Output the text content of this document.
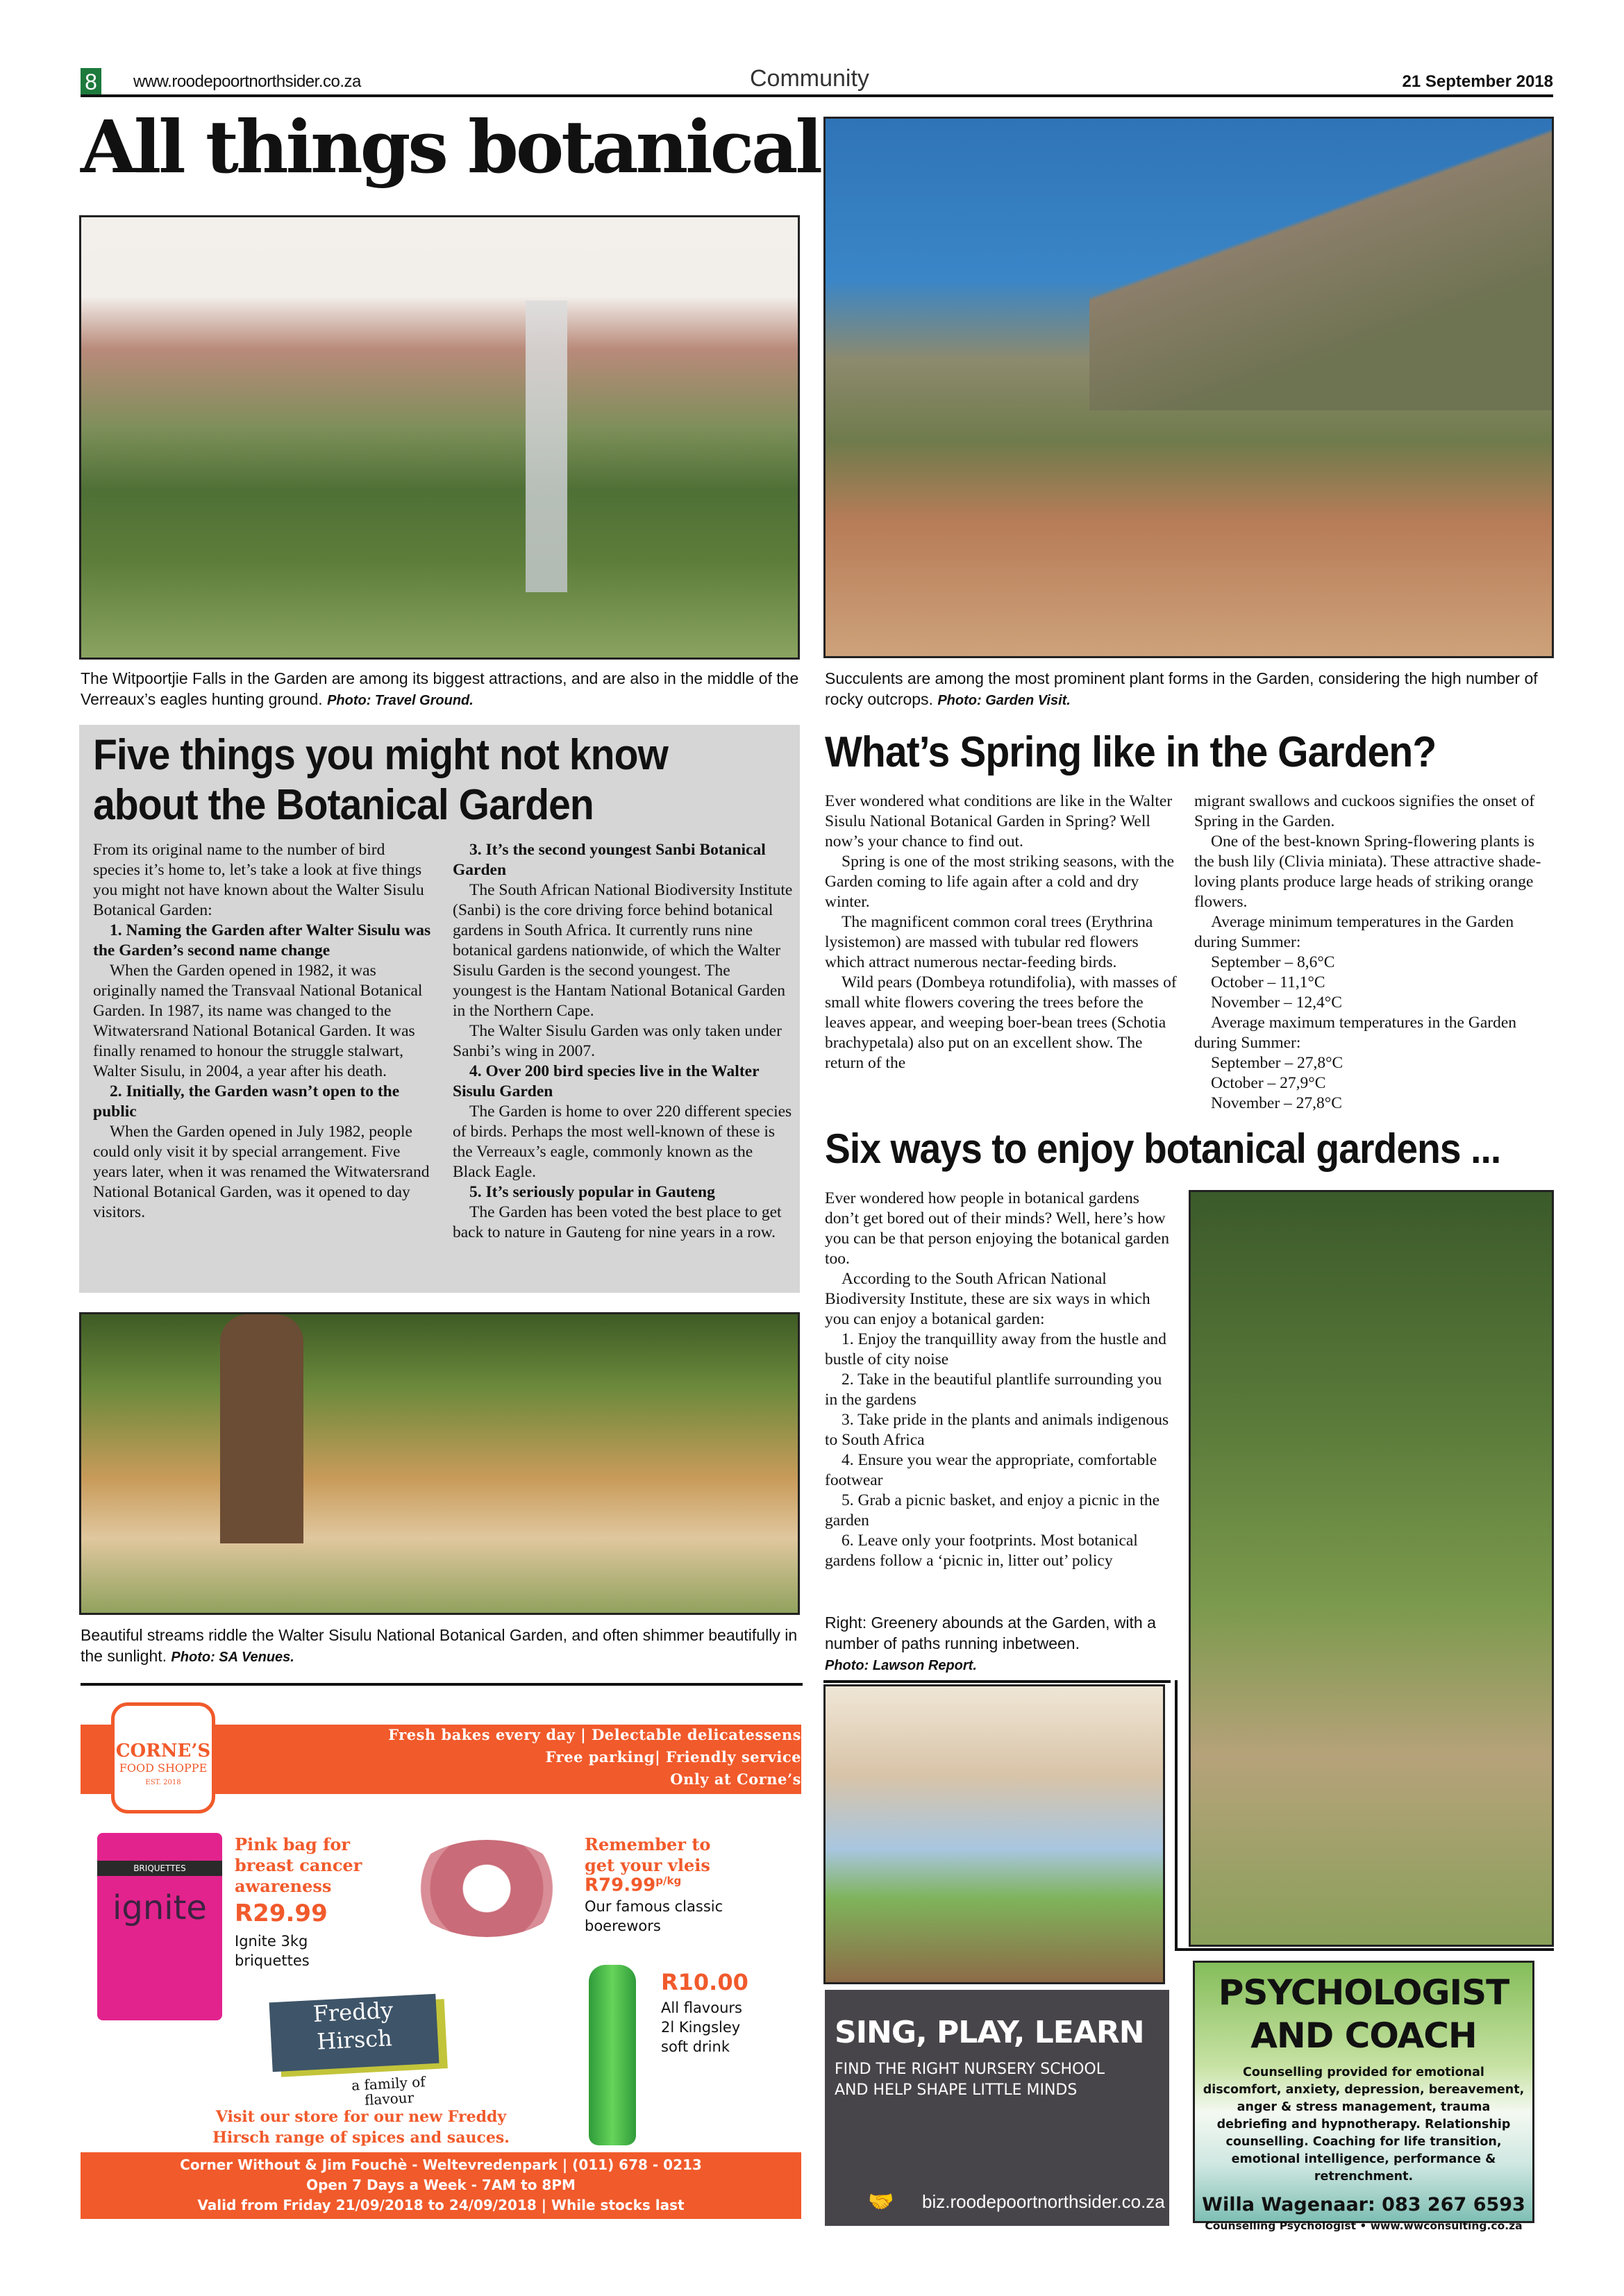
8 www.roodepoortnorthsider.co.za	Community	21 September 2018
All things botanical
The Witpoortjie Falls in the Garden are among its biggest attractions, and are also in the middle of the Verreaux’s eagles hunting ground. Photo: Travel Ground.
Succulents are among the most prominent plant forms in the Garden, considering the high number of rocky outcrops. Photo: Garden Visit.
Five things you might not know about the Botanical Garden

From its original name to the number of bird species it’s home to, let’s take a look at five things you might not have known about the Walter Sisulu Botanical Garden:

1. Naming the Garden after Walter Sisulu was the Garden’s second name change

When the Garden opened in 1982, it was originally named the Transvaal National Botanical Garden. In 1987, its name was changed to the Witwatersrand National Botanical Garden. It was finally renamed to honour the struggle stalwart, Walter Sisulu, in 2004, a year after his death.

2. Initially, the Garden wasn’t open to the public

When the Garden opened in July 1982, people could only visit it by special arrangement. Five years later, when it was renamed the Witwatersrand National Botanical Garden, was it opened to day visitors.

3. It’s the second youngest Sanbi Botanical Garden

The South African National Biodiversity Institute (Sanbi) is the core driving force behind botanical gardens in South Africa. It currently runs nine botanical gardens nationwide, of which the Walter Sisulu Garden is the second youngest. The youngest is the Hantam National Botanical Garden in the Northern Cape.

The Walter Sisulu Garden was only taken under Sanbi’s wing in 2007.

4. Over 200 bird species live in the Walter Sisulu Garden

The Garden is home to over 220 different species of birds. Perhaps the most well-known of these is the Verreaux’s eagle, commonly known as the Black Eagle.

5. It’s seriously popular in Gauteng

The Garden has been voted the best place to get back to nature in Gauteng for nine years in a row.

What’s Spring like in the Garden?

Ever wondered what conditions are like in the Walter Sisulu National Botanical Garden in Spring? Well now’s your chance to find out.

Spring is one of the most striking seasons, with the Garden coming to life again after a cold and dry winter.

The magnificent common coral trees (Erythrina lysistemon) are massed with tubular red flowers which attract numerous nectar-feeding birds.

Wild pears (Dombeya rotundifolia), with masses of small white flowers covering the trees before the leaves appear, and weeping boer-bean trees (Schotia brachypetala) also put on an excellent show. The return of the

migrant swallows and cuckoos signifies the onset of Spring in the Garden.

One of the best-known Spring-flowering plants is the bush lily (Clivia miniata). These attractive shade-loving plants produce large heads of striking orange flowers.

Average minimum temperatures in the Garden during Summer:

September – 8,6°C

October – 11,1°C

November – 12,4°C

Average maximum temperatures in the Garden during Summer:

September – 27,8°C

October – 27,9°C

November – 27,8°C

Six ways to enjoy botanical gardens ...

Ever wondered how people in botanical gardens don’t get bored out of their minds? Well, here’s how you can be that person enjoying the botanical garden too.

According to the South African National Biodiversity Institute, these are six ways in which you can enjoy a botanical garden:

1. Enjoy the tranquillity away from the hustle and bustle of city noise

2. Take in the beautiful plantlife surrounding you in the gardens

3. Take pride in the plants and animals indigenous to South Africa

4. Ensure you wear the appropriate, comfortable footwear

5. Grab a picnic basket, and enjoy a picnic in the garden

6. Leave only your footprints. Most botanical gardens follow a ‘picnic in, litter out’ policy

Right: Greenery abounds at the Garden, with a number of paths running inbetween.
Photo: Lawson Report.
Beautiful streams riddle the Walter Sisulu National Botanical Garden, and often shimmer beautifully in the sunlight. Photo: SA Venues.
CORNE’S
FOOD SHOPPE
EST. 2018
Fresh bakes every day | Delectable delicatessens
Free parking| Friendly service
Only at Corne’s
BRIQUETTES
ignite
Pink bag for breast cancer awareness
R29.99
Ignite 3kg briquettes
Remember to get your vleis
$R79.99^{p/kg}$
Our famous classic boerewors
R10.00
All flavours 2l Kingsley soft drink
Freddy
Hirsch
a family of flavour
Visit our store for our new Freddy Hirsch range of spices and sauces.
Corner Without & Jim Fouchè - Weltevredenpark | (011) 678 - 0213
Open 7 Days a Week - 7AM to 8PM
Valid from Friday 21/09/2018 to 24/09/2018 | While stocks last
SING, PLAY, LEARN
FIND THE RIGHT NURSERY SCHOOL
AND HELP SHAPE LITTLE MINDS
🤝 biz.roodepoortnorthsider.co.za
PSYCHOLOGIST
AND COACH
Counselling provided for emotional discomfort, anxiety, depression, bereavement, anger & stress management, trauma debriefing and hypnotherapy. Relationship counselling. Coaching for life transition, emotional intelligence, performance & retrenchment.
Willa Wagenaar: 083 267 6593
Counselling Psychologist • www.wwconsulting.co.za
